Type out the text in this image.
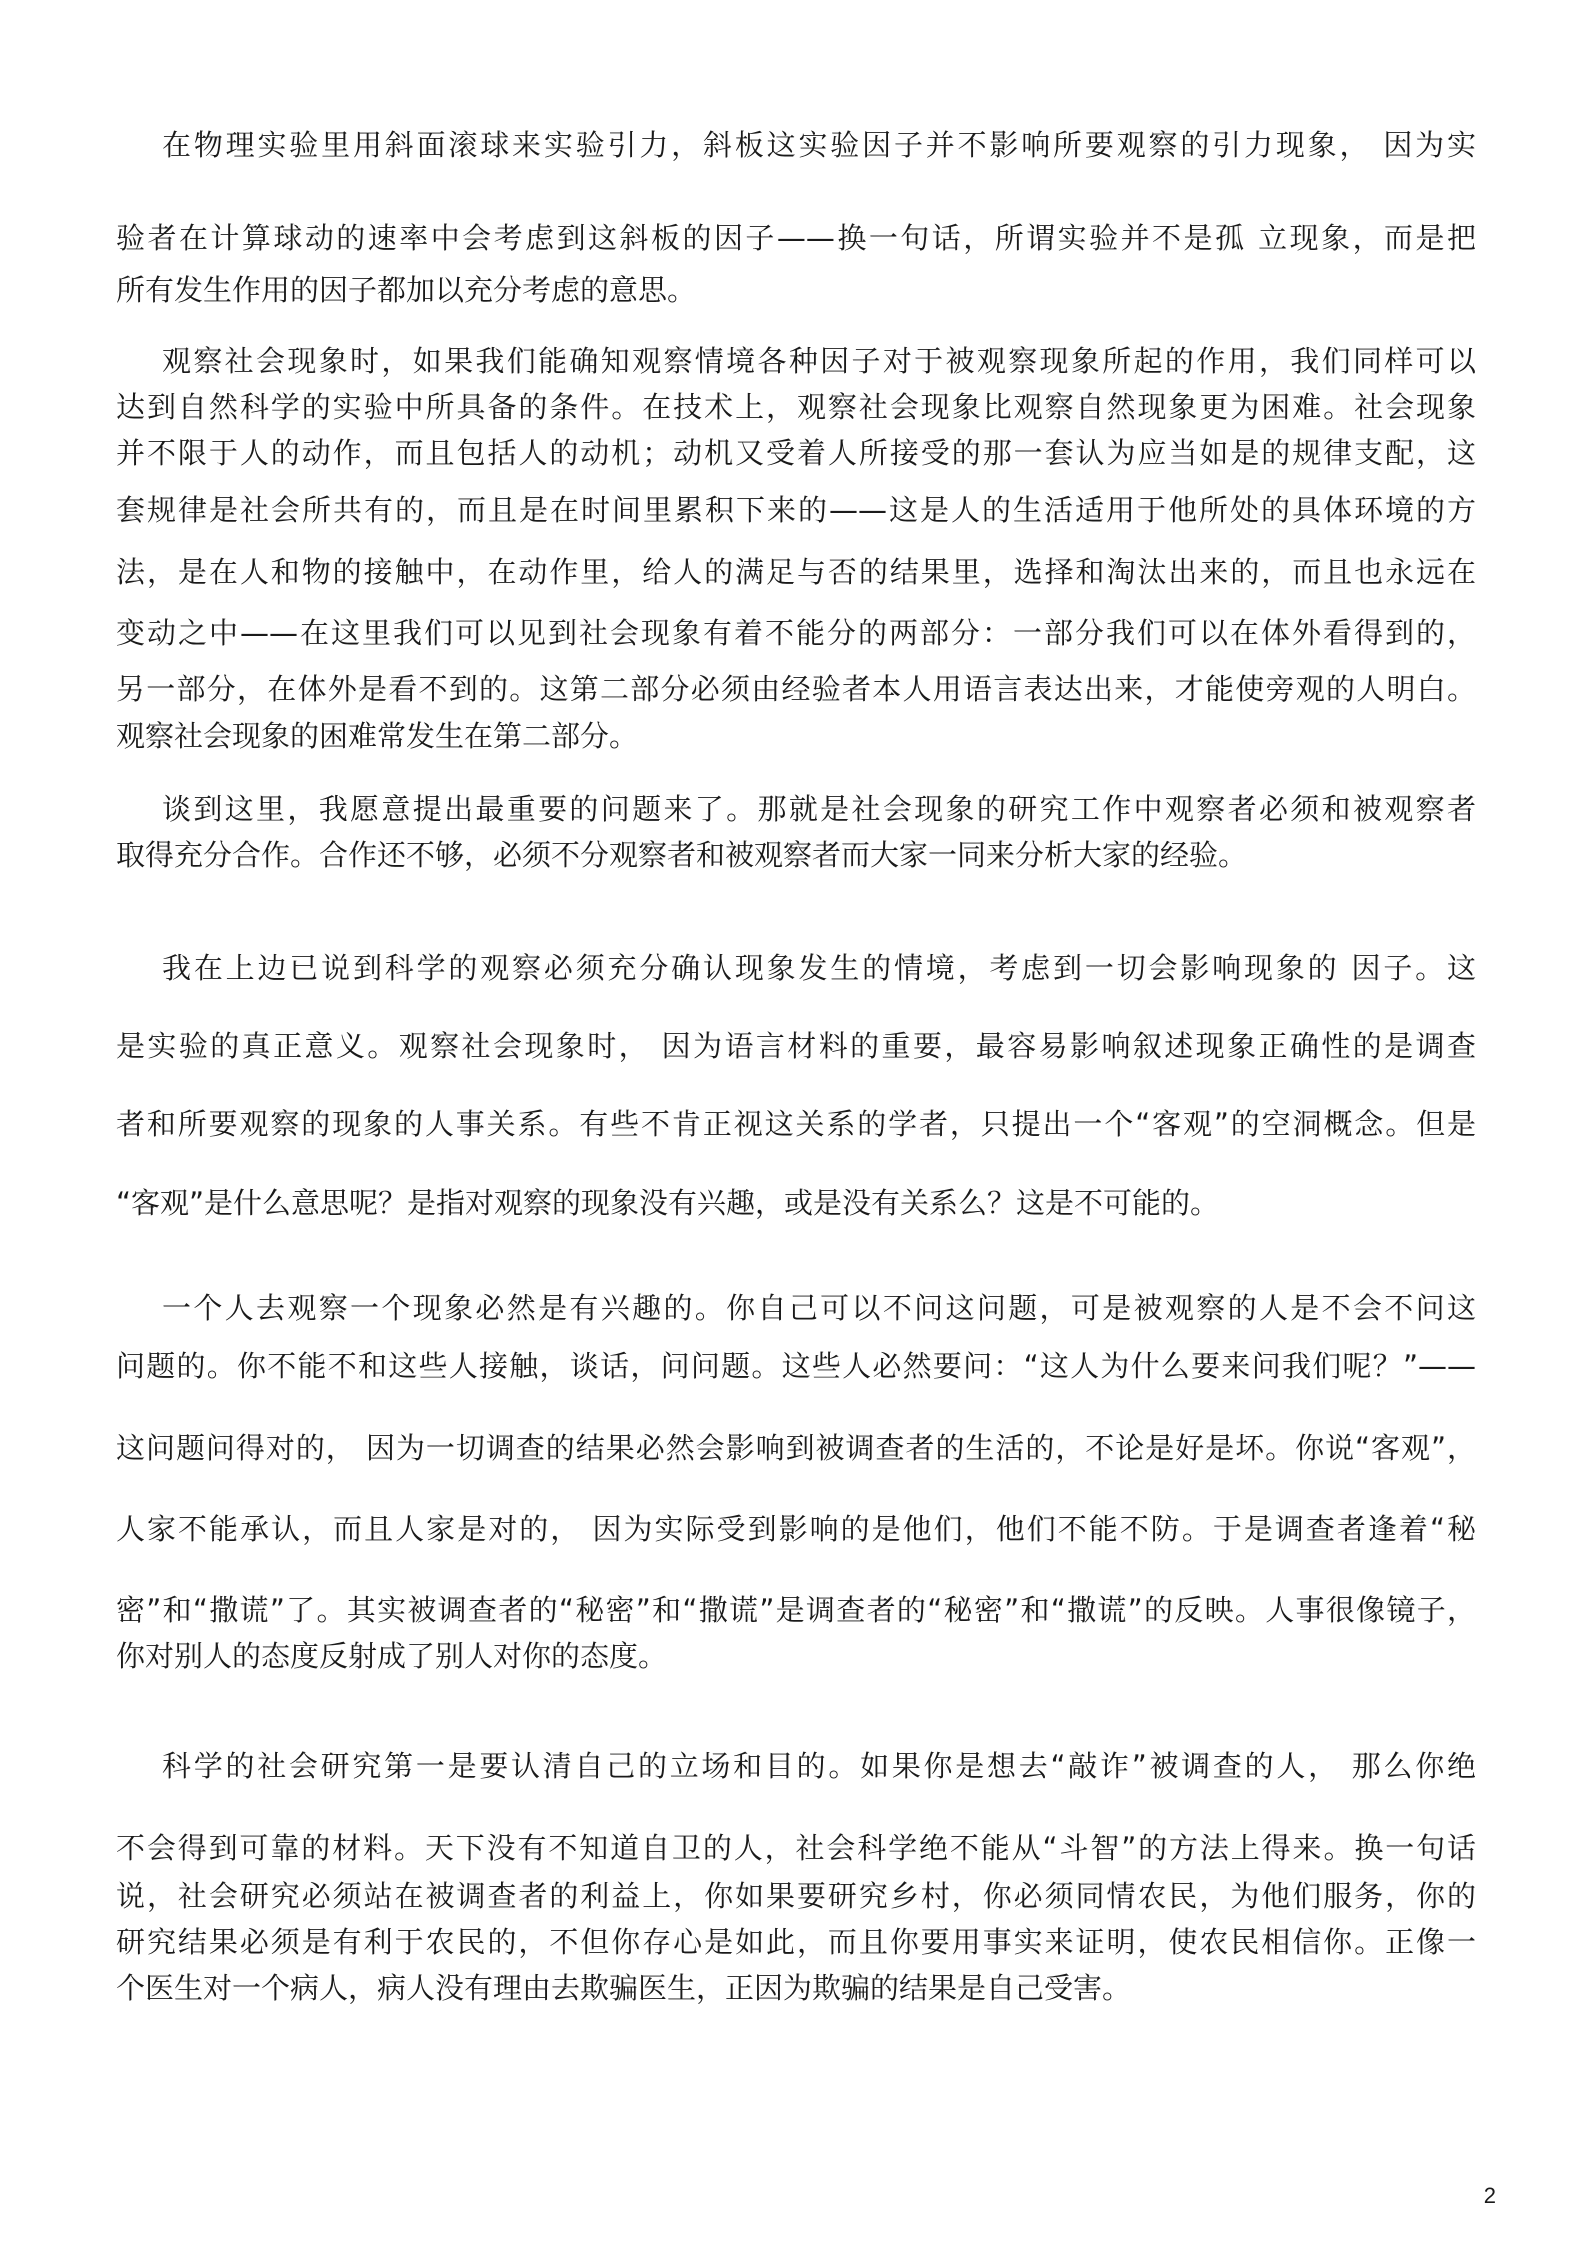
在物理实验里用斜面滚球来实验引力，斜板这实验因子并不影响所要观察的引力现象， 因为实
验者在计算球动的速率中会考虑到这斜板的因子——换一句话，所谓实验并不是孤 立现象，而是把
所有发生作用的因子都加以充分考虑的意思。
观察社会现象时，如果我们能确知观察情境各种因子对于被观察现象所起的作用，我们同样可以
达到自然科学的实验中所具备的条件。在技术上，观察社会现象比观察自然现象更为困难。社会现象
并不限于人的动作，而且包括人的动机；动机又受着人所接受的那一套认为应当如是的规律支配，这
套规律是社会所共有的，而且是在时间里累积下来的——这是人的生活适用于他所处的具体环境的方
法，是在人和物的接触中，在动作里，给人的满足与否的结果里，选择和淘汰出来的，而且也永远在
变动之中——在这里我们可以见到社会现象有着不能分的两部分：一部分我们可以在体外看得到的，
另一部分，在体外是看不到的。这第二部分必须由经验者本人用语言表达出来，才能使旁观的人明白。
观察社会现象的困难常发生在第二部分。
谈到这里，我愿意提出最重要的问题来了。那就是社会现象的研究工作中观察者必须和被观察者
取得充分合作。合作还不够，必须不分观察者和被观察者而大家一同来分析大家的经验。
我在上边已说到科学的观察必须充分确认现象发生的情境，考虑到一切会影响现象的 因子。这
是实验的真正意义。观察社会现象时， 因为语言材料的重要，最容易影响叙述现象正确性的是调查
者和所要观察的现象的人事关系。有些不肯正视这关系的学者，只提出一个“客观”的空洞概念。但是
“客观”是什么意思呢？是指对观察的现象没有兴趣，或是没有关系么？这是不可能的。
一个人去观察一个现象必然是有兴趣的。你自己可以不问这问题，可是被观察的人是不会不问这
问题的。你不能不和这些人接触，谈话，问问题。这些人必然要问：“这人为什么要来问我们呢？”——
这问题问得对的， 因为一切调查的结果必然会影响到被调查者的生活的，不论是好是坏。你说“客观”，
人家不能承认，而且人家是对的， 因为实际受到影响的是他们，他们不能不防。于是调查者逢着“秘
密”和“撒谎”了。其实被调查者的“秘密”和“撒谎”是调查者的“秘密”和“撒谎”的反映。人事很像镜子，
你对别人的态度反射成了别人对你的态度。
科学的社会研究第一是要认清自己的立场和目的。如果你是想去“敲诈”被调查的人， 那么你绝
不会得到可靠的材料。天下没有不知道自卫的人，社会科学绝不能从“斗智”的方法上得来。换一句话
说，社会研究必须站在被调查者的利益上，你如果要研究乡村，你必须同情农民，为他们服务，你的
研究结果必须是有利于农民的，不但你存心是如此，而且你要用事实来证明，使农民相信你。正像一
个医生对一个病人，病人没有理由去欺骗医生，正因为欺骗的结果是自己受害。
2
